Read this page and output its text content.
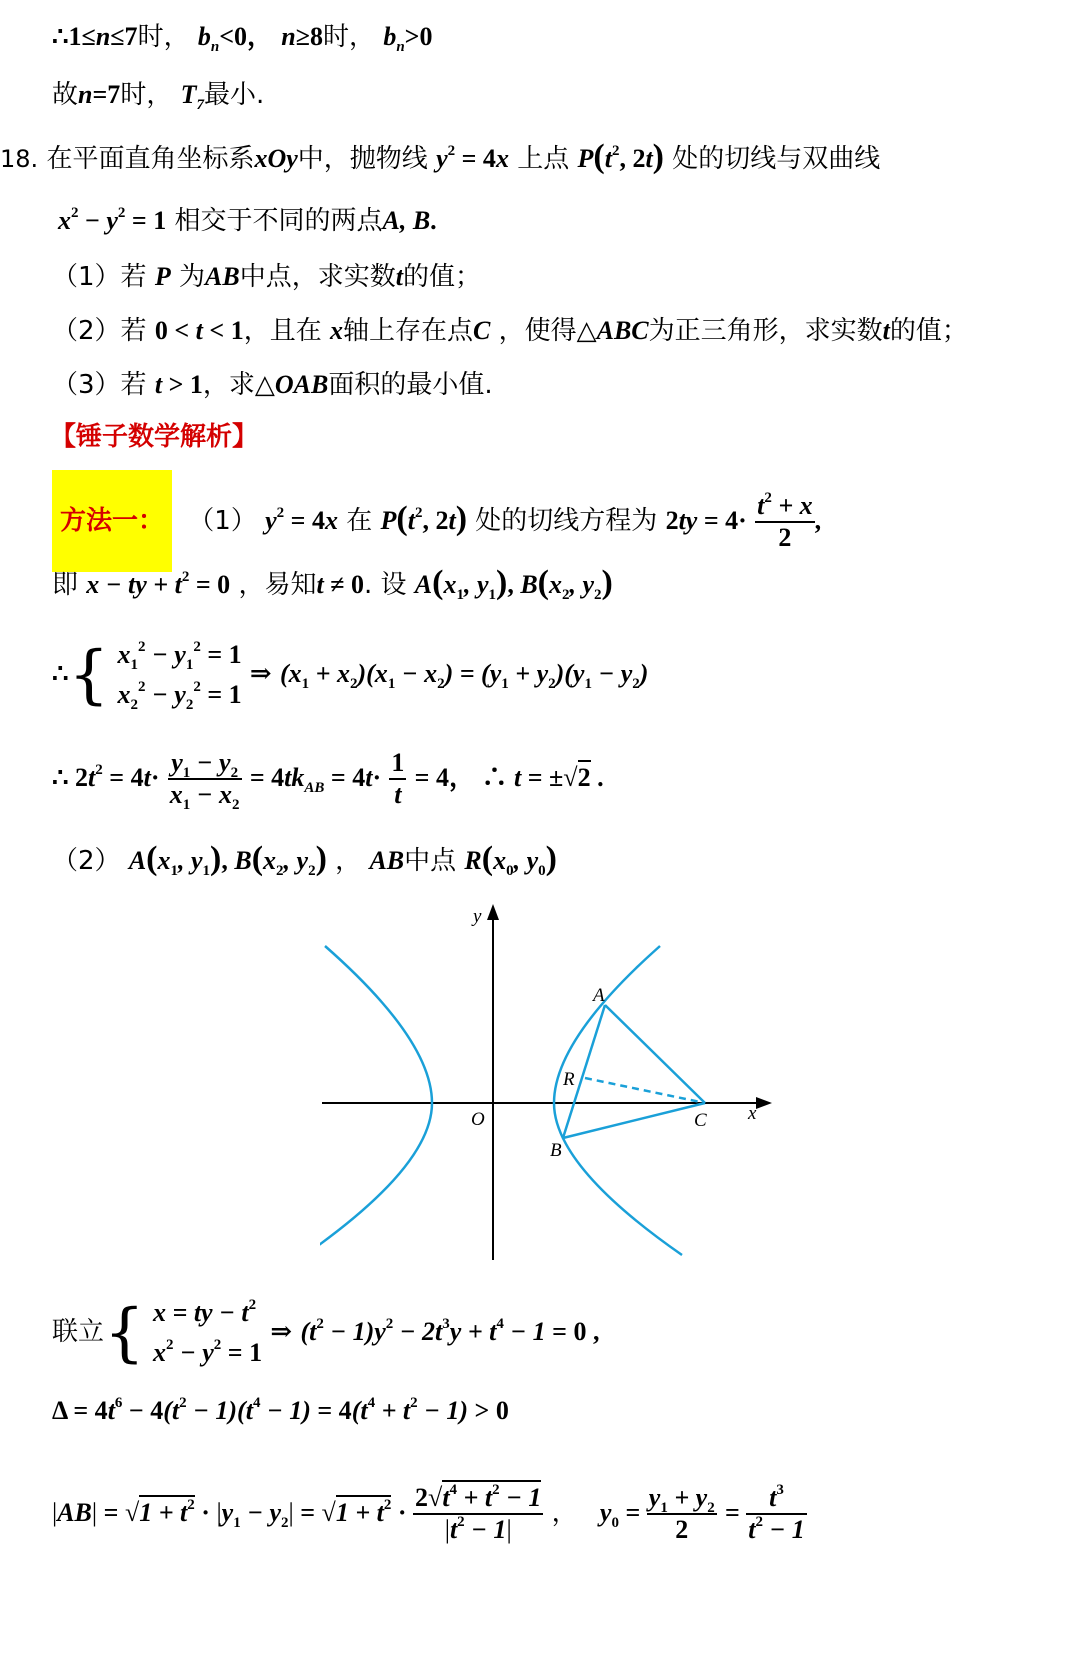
∴1≤n≤7时， $b_n<0$， n≥8时， $b_n>0$
故n=7时， $T_7$最小.
18. 在平面直角坐标系xOy中，抛物线 $y^2 = 4x$ 上点 $P(t^2$, 2t) 处的切线与双曲线
$x^2 - y^2 = 1$ 相交于不同的两点A, B.
（1）若 P 为AB中点，求实数t的值；
（2）若 0 < t < 1，且在 x轴上存在点C ，使得△ABC为正三角形，求实数t的值；
（3）若 t > 1，求△OAB面积的最小值.
【锤子数学解析】
方法一： （1） $y^2 = 4x$ 在 $P(t^2$, 2t) 处的切线方程为 $2ty = 4\cdot \frac{t^2 + x}{2}$ ,
即 x − ty + $t^2 = 0$ ，易知t ≠ 0. 设 $A(x_1$, $y_1$), $B(x_2$, $y_2$)
∴{ $x_1^2 - y_1^2 = 1$
$x_2^2 - y_2^2 = 1$
⇒ $(x_1 + x_2)(x_1 - x_2) = (y_1 + y_2)(y_1 - y_2)$
∴ $2t^2 = 4t\cdot \frac{y_1 - y_2}{x_1 - x_2} = 4tk_{AB} = 4t\cdot \frac{1}{t} = 4$， ∴ t = ±√2 .
（2） $A(x_1$, $y_1$), $B(x_2$, $y_2$) ， AB中点 $R(x_0$, $y_0$)
y
x
O
A
B
C
R
联立{ x = ty − $t^2$
$x^2 - y^2 = 1$
⇒ $(t^2 - 1)y^2 - 2t^3y + t^4 - 1 = 0$ ,
$\Delta = 4t^6 - 4(t^2 - 1)(t^4 - 1) = 4(t^4 + t^2 - 1) > 0$
$|AB| = √1 + t^2 \cdot |y_1 - y_2| = √1 + t^2 \cdot \frac{2√t^4 + t^2 - 1}{|t^2 - 1|}$ ， $y_0 = \frac{y_1 + y_2}{2} = \frac{t^3}{t^2 - 1}$
